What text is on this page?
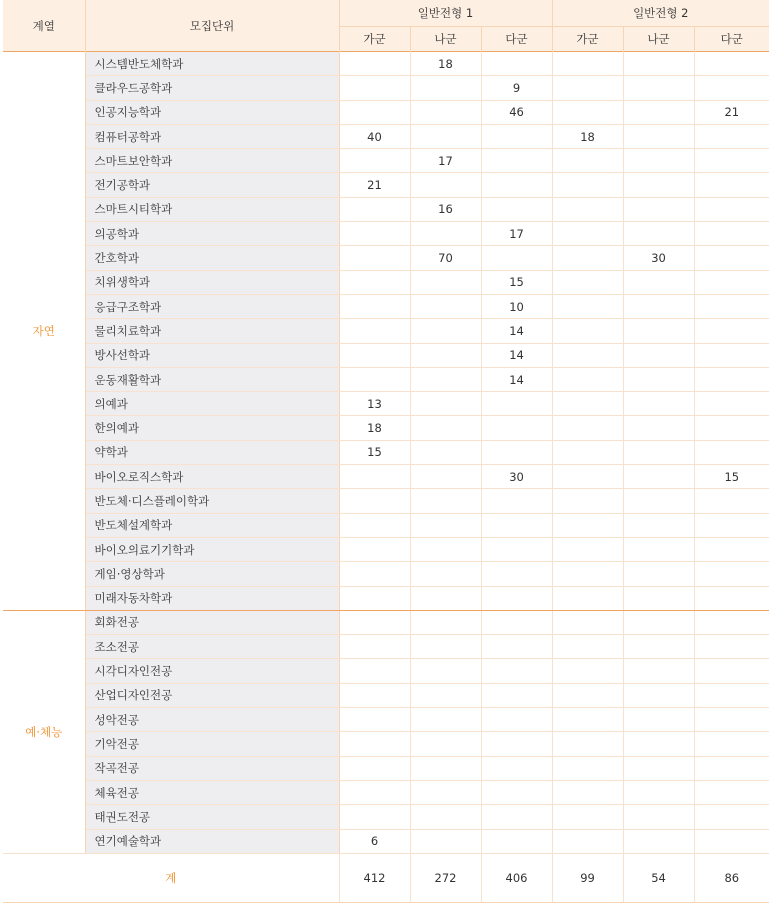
계열	모집단위	일반전형 1			일반전형 2		
		가군	나군	다군	가군	나군	다군
자연	시스템반도체학과		18				
	클라우드공학과			9			
	인공지능학과			46			21
	컴퓨터공학과	40			18		
	스마트보안학과		17				
	전기공학과	21					
	스마트시티학과		16				
	의공학과			17			
	간호학과		70			30	
	치위생학과			15			
	응급구조학과			10			
	물리치료학과			14			
	방사선학과			14			
	운동재활학과			14			
	의예과	13					
	한의예과	18					
	약학과	15					
	바이오로직스학과			30			15
	반도체·디스플레이학과						
	반도체설계학과						
	바이오의료기기학과						
	게임·영상학과						
	미래자동차학과						
예·체능	회화전공						
	조소전공						
	시각디자인전공						
	산업디자인전공						
	성악전공						
	기악전공						
	작곡전공						
	체육전공						
	태권도전공						
	연기예술학과	6					
계		412	272	406	99	54	86
